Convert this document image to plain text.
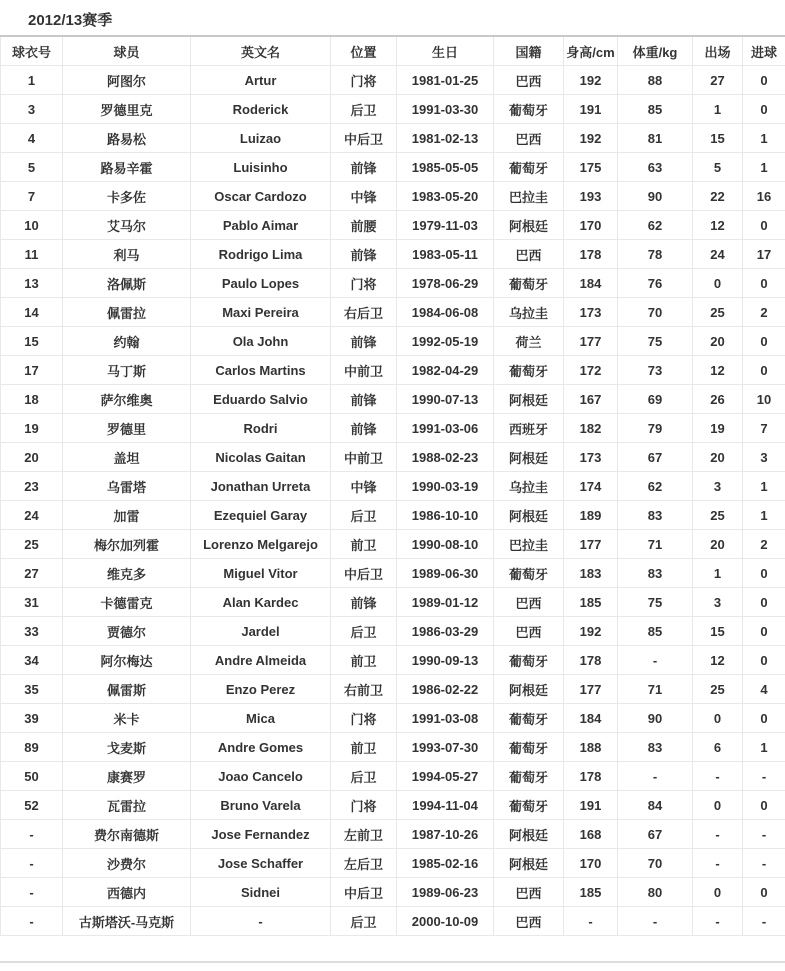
2012/13赛季
球衣号	球员	英文名	位置	生日	国籍	身高/cm	体重/kg	出场	进球
1	阿图尔	Artur	门将	1981-01-25	巴西	192	88	27	0
3	罗德里克	Roderick	后卫	1991-03-30	葡萄牙	191	85	1	0
4	路易松	Luizao	中后卫	1981-02-13	巴西	192	81	15	1
5	路易辛霍	Luisinho	前锋	1985-05-05	葡萄牙	175	63	5	1
7	卡多佐	Oscar Cardozo	中锋	1983-05-20	巴拉圭	193	90	22	16
10	艾马尔	Pablo Aimar	前腰	1979-11-03	阿根廷	170	62	12	0
11	利马	Rodrigo Lima	前锋	1983-05-11	巴西	178	78	24	17
13	洛佩斯	Paulo Lopes	门将	1978-06-29	葡萄牙	184	76	0	0
14	佩雷拉	Maxi Pereira	右后卫	1984-06-08	乌拉圭	173	70	25	2
15	约翰	Ola John	前锋	1992-05-19	荷兰	177	75	20	0
17	马丁斯	Carlos Martins	中前卫	1982-04-29	葡萄牙	172	73	12	0
18	萨尔维奥	Eduardo Salvio	前锋	1990-07-13	阿根廷	167	69	26	10
19	罗德里	Rodri	前锋	1991-03-06	西班牙	182	79	19	7
20	盖坦	Nicolas Gaitan	中前卫	1988-02-23	阿根廷	173	67	20	3
23	乌雷塔	Jonathan Urreta	中锋	1990-03-19	乌拉圭	174	62	3	1
24	加雷	Ezequiel Garay	后卫	1986-10-10	阿根廷	189	83	25	1
25	梅尔加列霍	Lorenzo Melgarejo	前卫	1990-08-10	巴拉圭	177	71	20	2
27	维克多	Miguel Vitor	中后卫	1989-06-30	葡萄牙	183	83	1	0
31	卡德雷克	Alan Kardec	前锋	1989-01-12	巴西	185	75	3	0
33	贾德尔	Jardel	后卫	1986-03-29	巴西	192	85	15	0
34	阿尔梅达	Andre Almeida	前卫	1990-09-13	葡萄牙	178	-	12	0
35	佩雷斯	Enzo Perez	右前卫	1986-02-22	阿根廷	177	71	25	4
39	米卡	Mica	门将	1991-03-08	葡萄牙	184	90	0	0
89	戈麦斯	Andre Gomes	前卫	1993-07-30	葡萄牙	188	83	6	1
50	康赛罗	Joao Cancelo	后卫	1994-05-27	葡萄牙	178	-	-	-
52	瓦雷拉	Bruno Varela	门将	1994-11-04	葡萄牙	191	84	0	0
-	费尔南德斯	Jose Fernandez	左前卫	1987-10-26	阿根廷	168	67	-	-
-	沙费尔	Jose Schaffer	左后卫	1985-02-16	阿根廷	170	70	-	-
-	西德内	Sidnei	中后卫	1989-06-23	巴西	185	80	0	0
-	古斯塔沃-马克斯	-	后卫	2000-10-09	巴西	-	-	-	-
